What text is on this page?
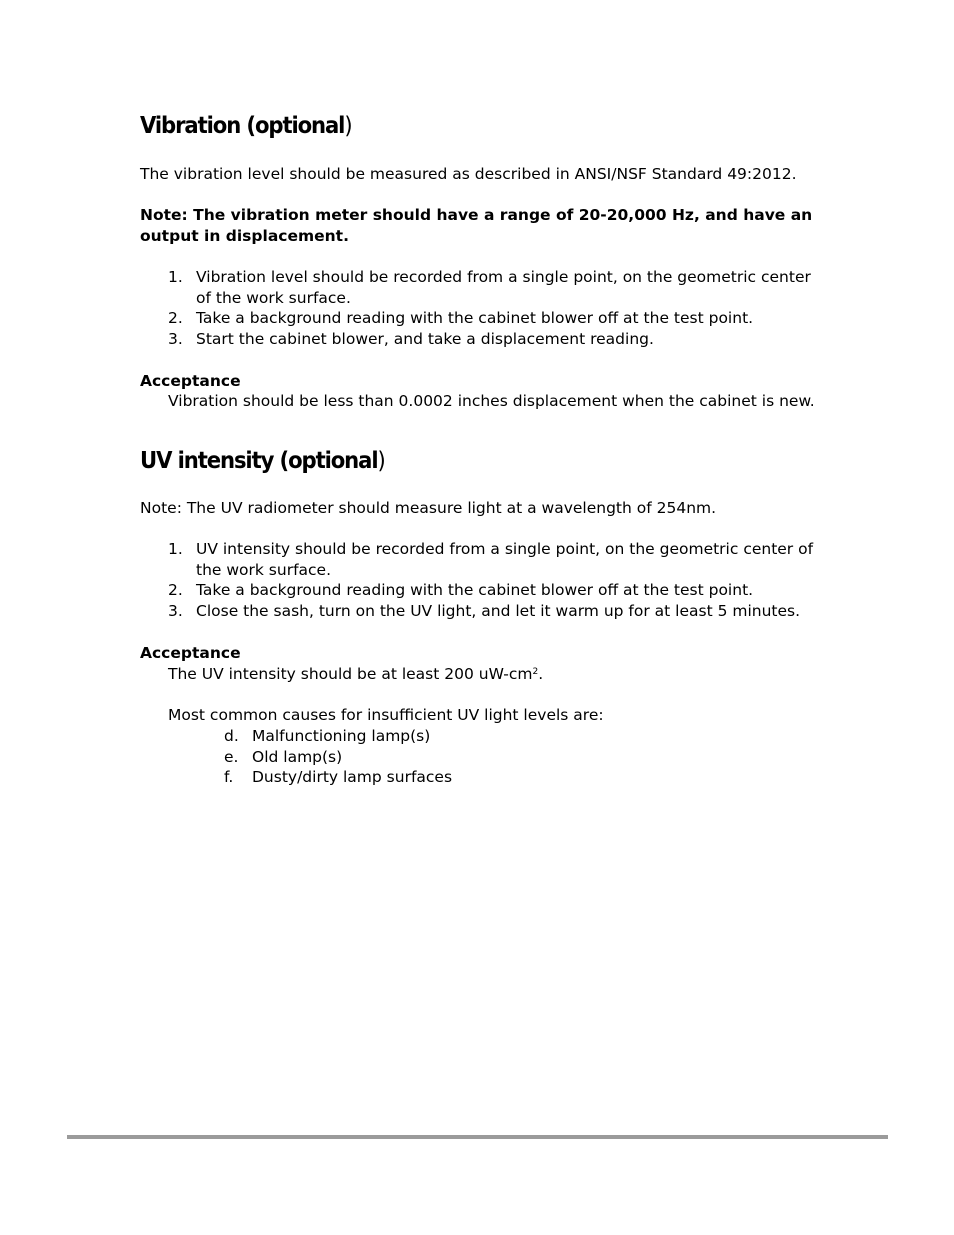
Vibration (optional)

The vibration level should be measured as described in ANSI/NSF Standard 49:2012.

Note: The vibration meter should have a range of 20-20,000 Hz, and have an

output in displacement.

1. Vibration level should be recorded from a single point, on the geometric center of the work surface.
2. Take a background reading with the cabinet blower off at the test point.
3. Start the cabinet blower, and take a displacement reading.

Acceptance

Vibration should be less than 0.0002 inches displacement when the cabinet is new.

UV intensity (optional)

Note: The UV radiometer should measure light at a wavelength of 254nm.

1. UV intensity should be recorded from a single point, on the geometric center of the work surface.
2. Take a background reading with the cabinet blower off at the test point.
3. Close the sash, turn on the UV light, and let it warm up for at least 5 minutes.

Acceptance

The UV intensity should be at least 200 $uW-cm^2$.

Most common causes for insufficient UV light levels are:

d. Malfunctioning lamp(s)
e. Old lamp(s)
f. Dusty/dirty lamp surfaces
